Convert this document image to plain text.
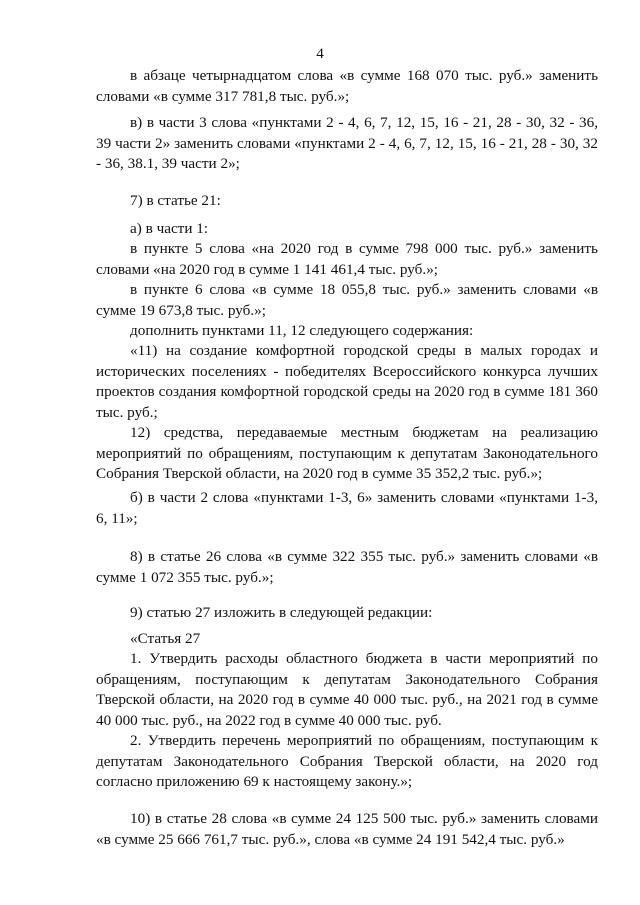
4

в абзаце четырнадцатом слова «в сумме 168 070 тыс. руб.» заменить словами «в сумме 317 781,8 тыс. руб.»;

в) в части 3 слова «пунктами 2 - 4, 6, 7, 12, 15, 16 - 21, 28 - 30, 32 - 36, 39 части 2» заменить словами «пунктами 2 - 4, 6, 7, 12, 15, 16 - 21, 28 - 30, 32 - 36, 38.1, 39 части 2»;

7) в статье 21:

а) в части 1:

в пункте 5 слова «на 2020 год в сумме 798 000 тыс. руб.» заменить словами «на 2020 год в сумме 1 141 461,4 тыс. руб.»;

в пункте 6 слова «в сумме 18 055,8 тыс. руб.» заменить словами «в сумме 19 673,8 тыс. руб.»;

дополнить пунктами 11, 12 следующего содержания:

«11) на создание комфортной городской среды в малых городах и исторических поселениях - победителях Всероссийского конкурса лучших проектов создания комфортной городской среды на 2020 год в сумме 181 360 тыс. руб.;

12) средства, передаваемые местным бюджетам на реализацию мероприятий по обращениям, поступающим к депутатам Законодательного Собрания Тверской области, на 2020 год в сумме 35 352,2 тыс. руб.»;

б) в части 2 слова «пунктами 1-3, 6» заменить словами «пунктами 1-3, 6, 11»;

8) в статье 26 слова «в сумме 322 355 тыс. руб.» заменить словами «в сумме 1 072 355 тыс. руб.»;

9) статью 27 изложить в следующей редакции:

«Статья 27

1. Утвердить расходы областного бюджета в части мероприятий по обращениям, поступающим к депутатам Законодательного Собрания Тверской области, на 2020 год в сумме 40 000 тыс. руб., на 2021 год в сумме 40 000 тыс. руб., на 2022 год в сумме 40 000 тыс. руб.

2. Утвердить перечень мероприятий по обращениям, поступающим к депутатам Законодательного Собрания Тверской области, на 2020 год согласно приложению 69 к настоящему закону.»;

10) в статье 28 слова «в сумме 24 125 500 тыс. руб.» заменить словами «в сумме 25 666 761,7 тыс. руб.», слова «в сумме 24 191 542,4 тыс. руб.»
